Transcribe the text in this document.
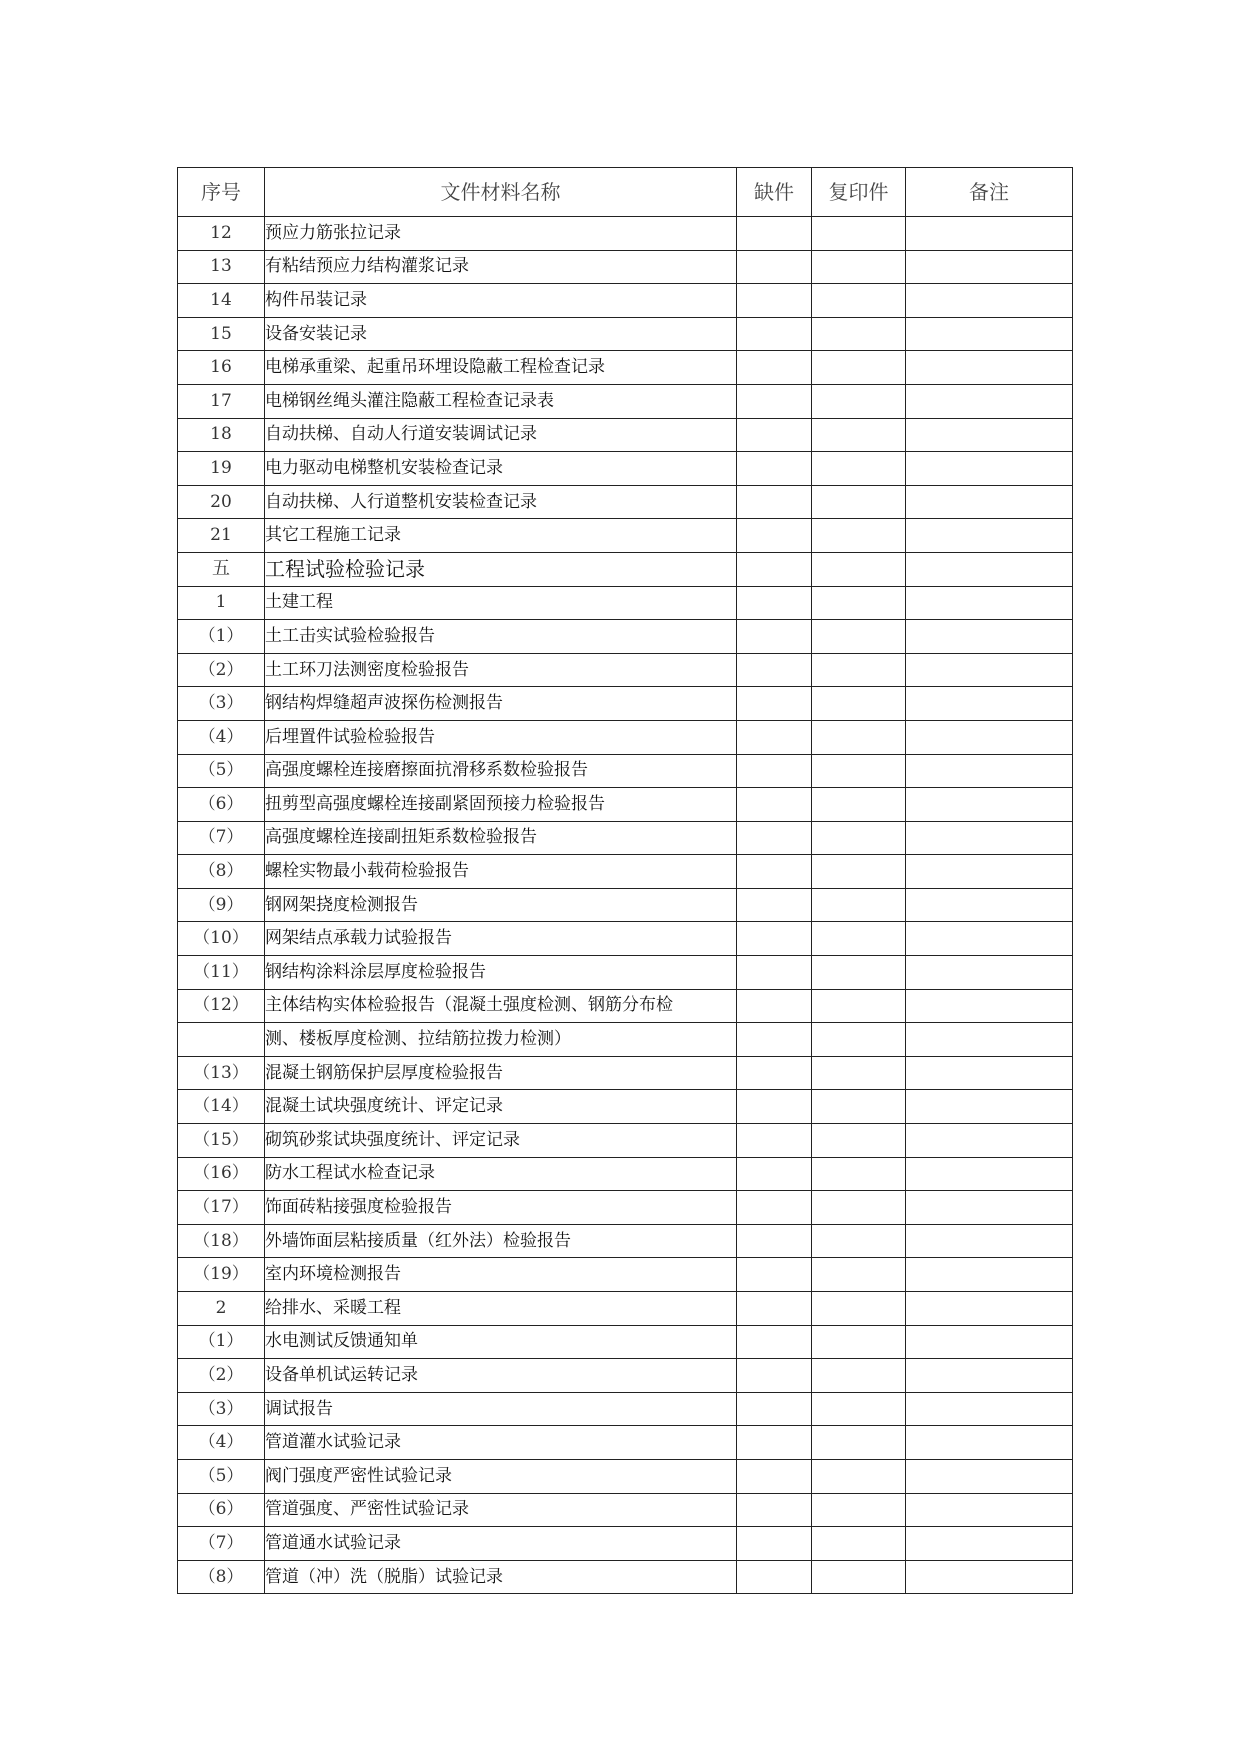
序号	文件材料名称	缺件	复印件	备注
12	预应力筋张拉记录			
13	有粘结预应力结构灌浆记录			
14	构件吊装记录			
15	设备安装记录			
16	电梯承重梁、起重吊环埋设隐蔽工程检查记录			
17	电梯钢丝绳头灌注隐蔽工程检查记录表			
18	自动扶梯、自动人行道安装调试记录			
19	电力驱动电梯整机安装检查记录			
20	自动扶梯、人行道整机安装检查记录			
21	其它工程施工记录			
五	工程试验检验记录			
1	土建工程			
（1）	土工击实试验检验报告			
（2）	土工环刀法测密度检验报告			
（3）	钢结构焊缝超声波探伤检测报告			
（4）	后埋置件试验检验报告			
（5）	高强度螺栓连接磨擦面抗滑移系数检验报告			
（6）	扭剪型高强度螺栓连接副紧固预接力检验报告			
（7）	高强度螺栓连接副扭矩系数检验报告			
（8）	螺栓实物最小载荷检验报告			
（9）	钢网架挠度检测报告			
（10）	网架结点承载力试验报告			
（11）	钢结构涂料涂层厚度检验报告			
（12）	主体结构实体检验报告（混凝土强度检测、钢筋分布检			
	测、楼板厚度检测、拉结筋拉拨力检测）			
（13）	混凝土钢筋保护层厚度检验报告			
（14）	混凝土试块强度统计、评定记录			
（15）	砌筑砂浆试块强度统计、评定记录			
（16）	防水工程试水检查记录			
（17）	饰面砖粘接强度检验报告			
（18）	外墙饰面层粘接质量（红外法）检验报告			
（19）	室内环境检测报告			
2	给排水、采暖工程			
（1）	水电测试反馈通知单			
（2）	设备单机试运转记录			
（3）	调试报告			
（4）	管道灌水试验记录			
（5）	阀门强度严密性试验记录			
（6）	管道强度、严密性试验记录			
（7）	管道通水试验记录			
（8）	管道（冲）洗（脱脂）试验记录			
